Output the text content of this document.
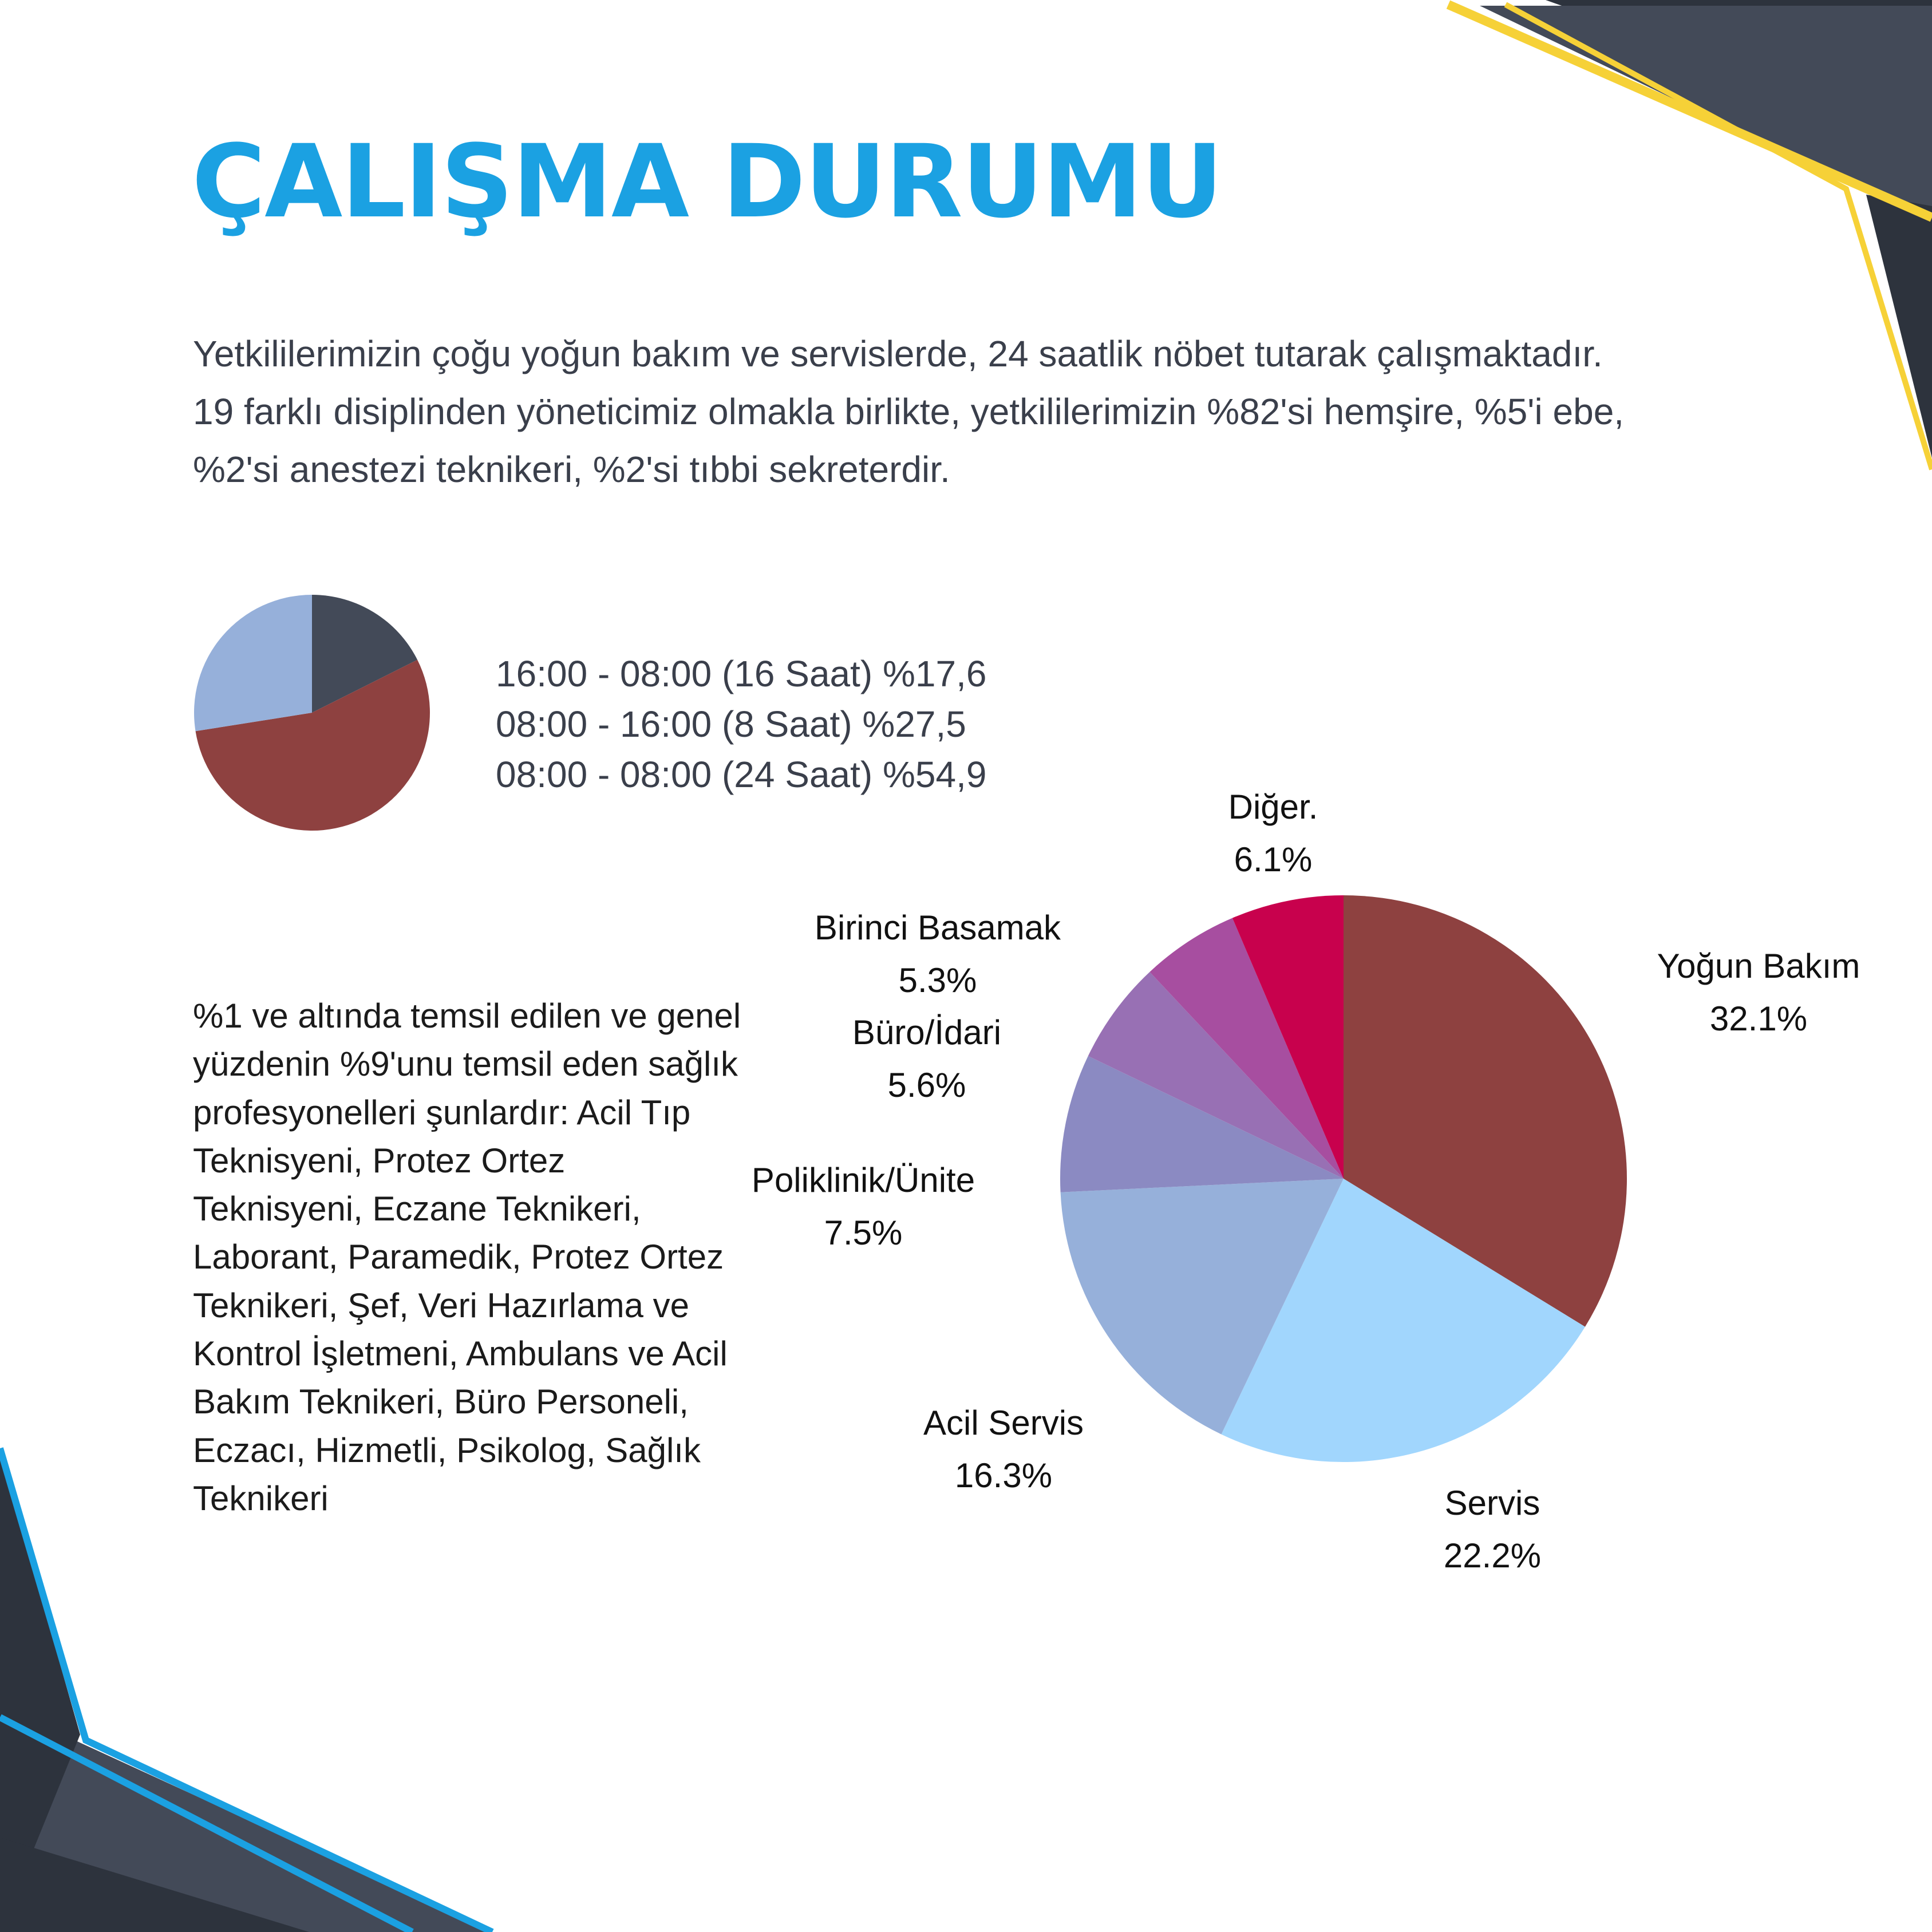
ÇALIŞMA DURUMU

Yetkililerimizin çoğu yoğun bakım ve servislerde, 24 saatlik nöbet tutarak çalışmaktadır.

19 farklı disiplinden yöneticimiz olmakla birlikte, yetkililerimizin %82'si hemşire, %5'i ebe,

%2'si anestezi teknikeri, %2'si tıbbi sekreterdir.

16:00 - 08:00 (16 Saat) %17,6
08:00 - 16:00 (8 Saat) %27,5
08:00 - 08:00 (24 Saat) %54,9
%1 ve altında temsil edilen ve genel yüzdenin %9'unu temsil eden sağlık profesyonelleri şunlardır: Acil Tıp Teknisyeni, Protez Ortez Teknisyeni, Eczane Teknikeri, Laborant, Paramedik, Protez Ortez Teknikeri, Şef, Veri Hazırlama ve Kontrol İşletmeni, Ambulans ve Acil Bakım Teknikeri, Büro Personeli, Eczacı, Hizmetli, Psikolog, Sağlık Teknikeri
Yoğun Bakım
32.1%
Servis
22.2%
Acil Servis
16.3%
Poliklinik/Ünite
7.5%
Büro/İdari
5.6%
Birinci Basamak
5.3%
Diğer.
6.1%
